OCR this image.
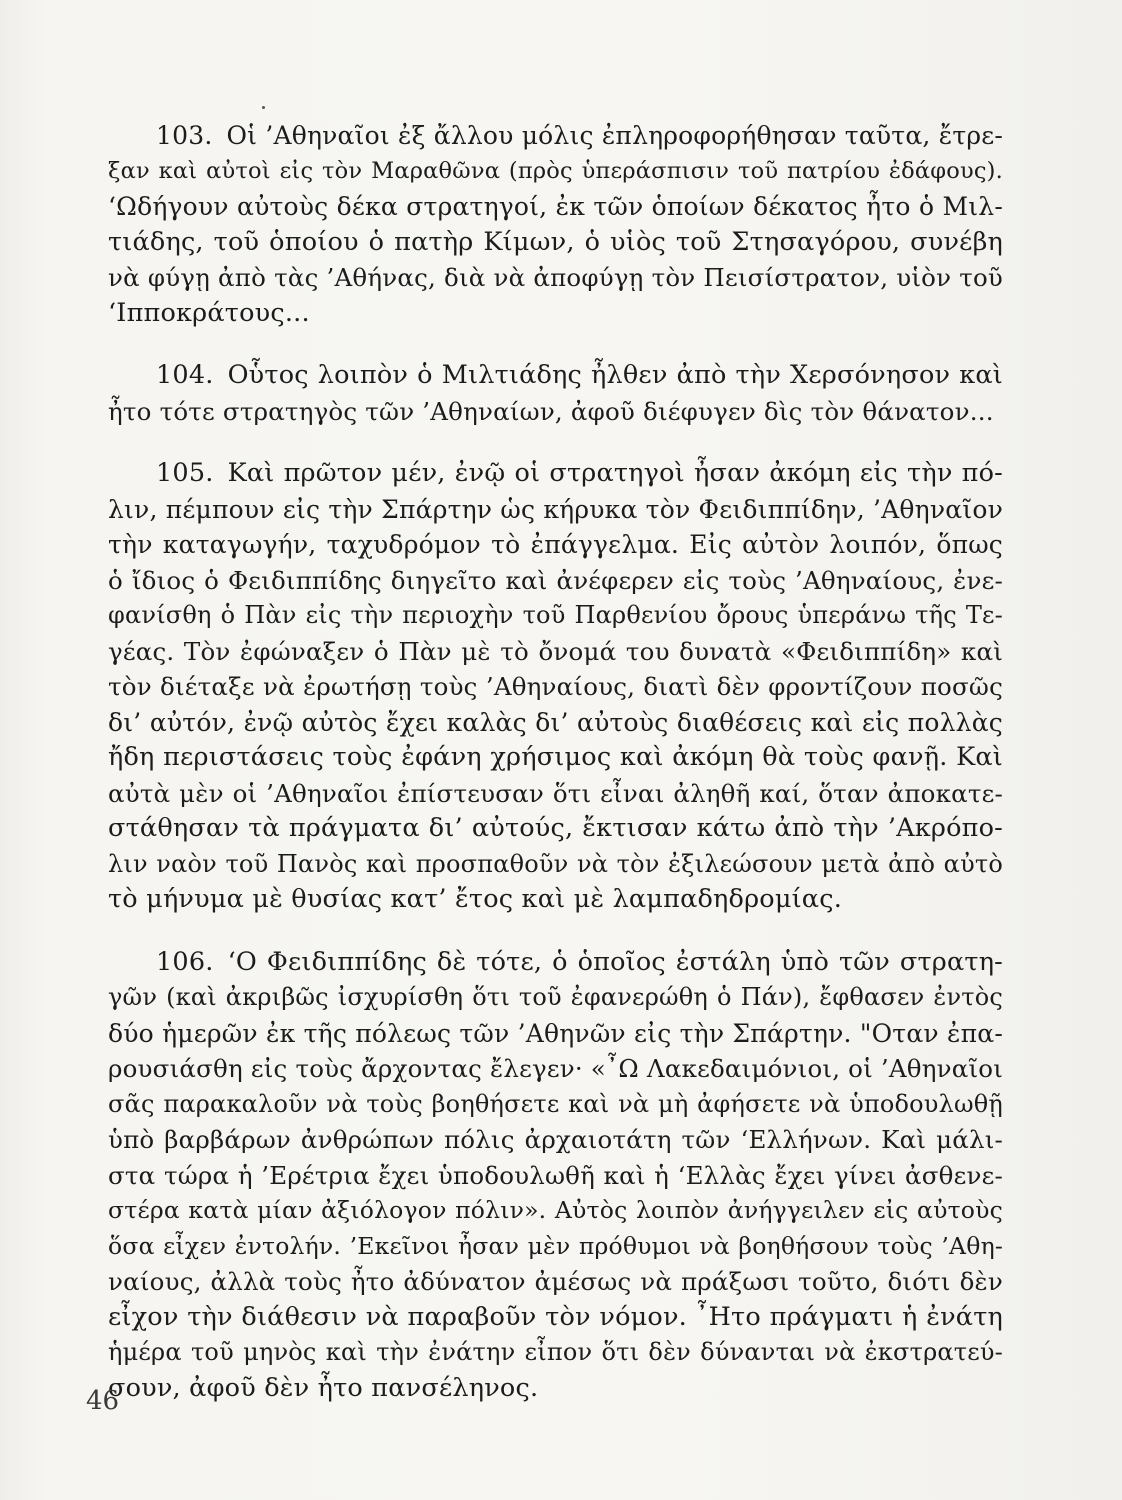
103. Οἱ ’Αθηναῖοι ἐξ ἄλλου μόλις ἐπληροφορήθησαν ταῦτα, ἔτρε-
ξαν καὶ αὐτοὶ εἰς τὸν Μαραθῶνα (πρὸς ὑπεράσπισιν τοῦ πατρίου ἐδάφους).
‘Ωδήγουν αὐτοὺς δέκα στρατηγοί, ἐκ τῶν ὁποίων δέκατος ἦτο ὁ Μιλ-
τιάδης, τοῦ ὁποίου ὁ πατὴρ Κίμων, ὁ υἱὸς τοῦ Στησαγόρου, συνέβη
νὰ φύγῃ ἀπὸ τὰς ’Αθήνας, διὰ νὰ ἀποφύγῃ τὸν Πεισίστρατον, υἱὸν τοῦ
‘Ιπποκράτους...
104. Οὗτος λοιπὸν ὁ Μιλτιάδης ἦλθεν ἀπὸ τὴν Χερσόνησον καὶ
ἦτο τότε στρατηγὸς τῶν ’Αθηναίων, ἀφοῦ διέφυγεν δὶς τὸν θάνατον...
105. Καὶ πρῶτον μέν, ἐνῷ οἱ στρατηγοὶ ἦσαν ἀκόμη εἰς τὴν πό-
λιν, πέμπουν εἰς τὴν Σπάρτην ὡς κήρυκα τὸν Φειδιππίδην, ’Αθηναῖον
τὴν καταγωγήν, ταχυδρόμον τὸ ἐπάγγελμα. Εἰς αὐτὸν λοιπόν, ὅπως
ὁ ἴδιος ὁ Φειδιππίδης διηγεῖτο καὶ ἀνέφερεν εἰς τοὺς ’Αθηναίους, ἐνε-
φανίσθη ὁ Πὰν εἰς τὴν περιοχὴν τοῦ Παρθενίου ὄρους ὑπεράνω τῆς Τε-
γέας. Τὸν ἐφώναξεν ὁ Πὰν μὲ τὸ ὄνομά του δυνατὰ «Φειδιππίδη» καὶ
τὸν διέταξε νὰ ἐρωτήσῃ τοὺς ’Αθηναίους, διατὶ δὲν φροντίζουν ποσῶς
δι’ αὐτόν, ἐνῷ αὐτὸς ἔχει καλὰς δι’ αὐτοὺς διαθέσεις καὶ εἰς πολλὰς
ἤδη περιστάσεις τοὺς ἐφάνη χρήσιμος καὶ ἀκόμη θὰ τοὺς φανῇ. Καὶ
αὐτὰ μὲν οἱ ’Αθηναῖοι ἐπίστευσαν ὅτι εἶναι ἀληθῆ καί, ὅταν ἀποκατε-
στάθησαν τὰ πράγματα δι’ αὐτούς, ἔκτισαν κάτω ἀπὸ τὴν ’Ακρόπο-
λιν ναὸν τοῦ Πανὸς καὶ προσπαθοῦν νὰ τὸν ἐξιλεώσουν μετὰ ἀπὸ αὐτὸ
τὸ μήνυμα μὲ θυσίας κατ’ ἔτος καὶ μὲ λαμπαδηδρομίας.
106. ‘Ο Φειδιππίδης δὲ τότε, ὁ ὁποῖος ἐστάλη ὑπὸ τῶν στρατη-
γῶν (καὶ ἀκριβῶς ἰσχυρίσθη ὅτι τοῦ ἐφανερώθη ὁ Πάν), ἔφθασεν ἐντὸς
δύο ἡμερῶν ἐκ τῆς πόλεως τῶν ’Αθηνῶν εἰς τὴν Σπάρτην. "Οταν ἐπα-
ρουσιάσθη εἰς τοὺς ἄρχοντας ἔλεγεν· «῏Ω Λακεδαιμόνιοι, οἱ ’Αθηναῖοι
σᾶς παρακαλοῦν νὰ τοὺς βοηθήσετε καὶ νὰ μὴ ἀφήσετε νὰ ὑποδουλωθῇ
ὑπὸ βαρβάρων ἀνθρώπων πόλις ἀρχαιοτάτη τῶν ‘Ελλήνων. Καὶ μάλι-
στα τώρα ἡ ’Ερέτρια ἔχει ὑποδουλωθῆ καὶ ἡ ‘Ελλὰς ἔχει γίνει ἀσθενε-
στέρα κατὰ μίαν ἀξιόλογον πόλιν». Αὐτὸς λοιπὸν ἀνήγγειλεν εἰς αὐτοὺς
ὅσα εἶχεν ἐντολήν. ’Εκεῖνοι ἦσαν μὲν πρόθυμοι νὰ βοηθήσουν τοὺς ’Αθη-
ναίους, ἀλλὰ τοὺς ἦτο ἀδύνατον ἀμέσως νὰ πράξωσι τοῦτο, διότι δὲν
εἶχον τὴν διάθεσιν νὰ παραβοῦν τὸν νόμον. ῏Ητο πράγματι ἡ ἐνάτη
ἡμέρα τοῦ μηνὸς καὶ τὴν ἐνάτην εἶπον ὅτι δὲν δύνανται νὰ ἐκστρατεύ-
σουν, ἀφοῦ δὲν ἦτο πανσέληνος.
46
